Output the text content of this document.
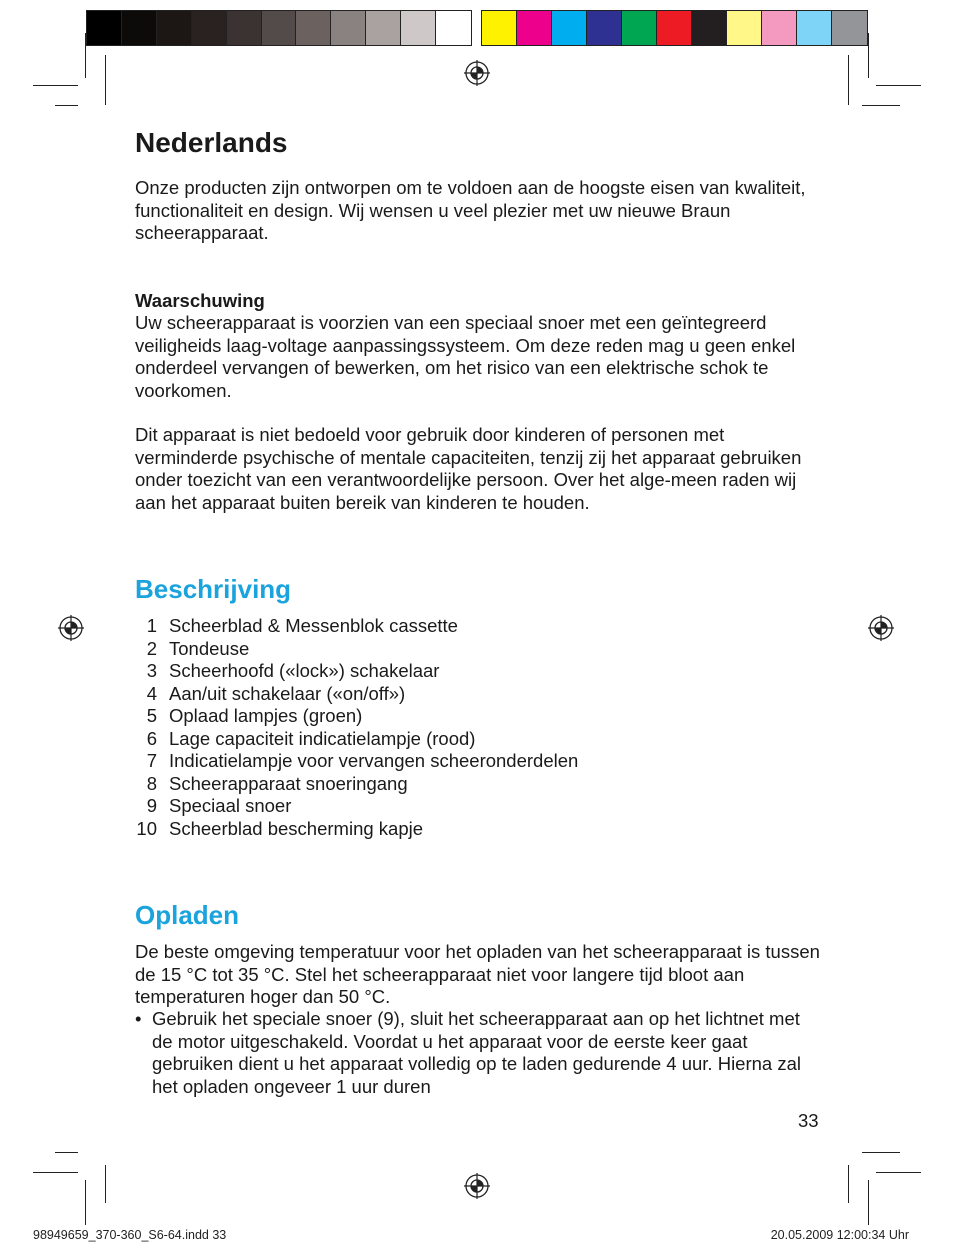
Nederlands

Onze producten zijn ontworpen om te voldoen aan de hoogste eisen van kwaliteit, functionaliteit en design. Wij wensen u veel plezier met uw nieuwe Braun scheerapparaat.

Waarschuwing

Uw scheerapparaat is voorzien van een speciaal snoer met een geïntegreerd veiligheids laag-voltage aanpassingssysteem. Om deze reden mag u geen enkel onderdeel vervangen of bewerken, om het risico van een elektrische schok te voorkomen.

Dit apparaat is niet bedoeld voor gebruik door kinderen of personen met verminderde psychische of mentale capaciteiten, tenzij zij het apparaat gebruiken onder toezicht van een verantwoordelijke persoon. Over het alge-meen raden wij aan het apparaat buiten bereik van kinderen te houden.

Beschrijving
1 Scheerblad & Messenblok cassette
2 Tondeuse
3 Scheerhoofd («lock») schakelaar
4 Aan/uit schakelaar («on/off»)
5 Oplaad lampjes (groen)
6 Lage capaciteit indicatielampje (rood)
7 Indicatielampje voor vervangen scheeronderdelen
8 Scheerapparaat snoeringang
9 Speciaal snoer
10 Scheerblad bescherming kapje
Opladen

De beste omgeving temperatuur voor het opladen van het scheerapparaat is tussen de 15 °C tot 35 °C. Stel het scheerapparaat niet voor langere tijd bloot aan temperaturen hoger dan 50 °C.

• Gebruik het speciale snoer (9), sluit het scheerapparaat aan op het lichtnet met de motor uitgeschakeld. Voordat u het apparaat voor de eerste keer gaat gebruiken dient u het apparaat volledig op te laden gedurende 4 uur. Hierna zal het opladen ongeveer 1 uur duren
33
98949659_370-360_S6-64.indd 33	20.05.2009 12:00:34 Uhr
